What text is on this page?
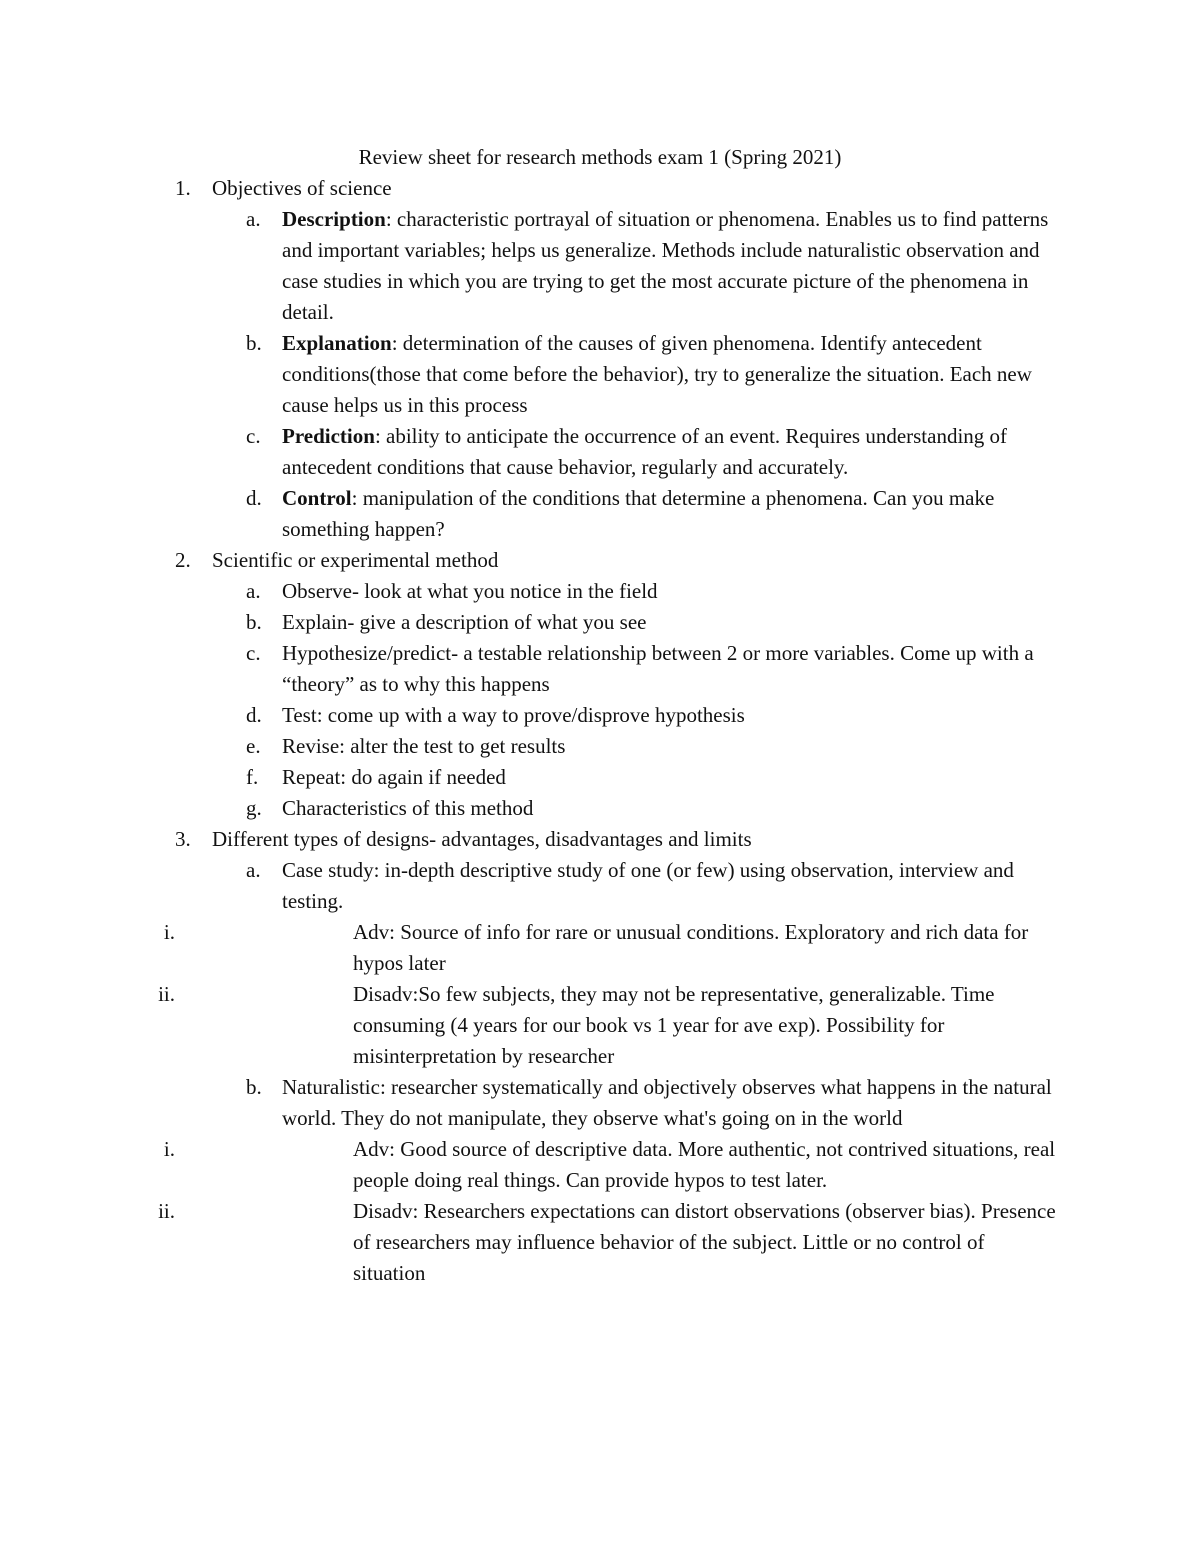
Review sheet for research methods exam 1 (Spring 2021)
1. Objectives of science
a. Description: characteristic portrayal of situation or phenomena. Enables us to find patterns and important variables; helps us generalize. Methods include naturalistic observation and case studies in which you are trying to get the most accurate picture of the phenomena in detail.
b. Explanation: determination of the causes of given phenomena. Identify antecedent conditions(those that come before the behavior), try to generalize the situation. Each new cause helps us in this process
c. Prediction: ability to anticipate the occurrence of an event. Requires understanding of antecedent conditions that cause behavior, regularly and accurately.
d. Control: manipulation of the conditions that determine a phenomena. Can you make something happen?
2. Scientific or experimental method
a. Observe- look at what you notice in the field
b. Explain- give a description of what you see
c. Hypothesize/predict- a testable relationship between 2 or more variables. Come up with a “theory” as to why this happens
d. Test: come up with a way to prove/disprove hypothesis
e. Revise: alter the test to get results
f. Repeat: do again if needed
g. Characteristics of this method
3. Different types of designs- advantages, disadvantages and limits
a. Case study: in-depth descriptive study of one (or few) using observation, interview and testing.
i.	Adv: Source of info for rare or unusual conditions. Exploratory and rich data for hypos later
ii.	Disadv:So few subjects, they may not be representative, generalizable. Time consuming (4 years for our book vs 1 year for ave exp). Possibility for misinterpretation by researcher
b. Naturalistic: researcher systematically and objectively observes what happens in the natural world. They do not manipulate, they observe what's going on in the world
i.	Adv: Good source of descriptive data. More authentic, not contrived situations, real people doing real things. Can provide hypos to test later.
ii.	Disadv: Researchers expectations can distort observations (observer bias). Presence of researchers may influence behavior of the subject. Little or no control of situation
